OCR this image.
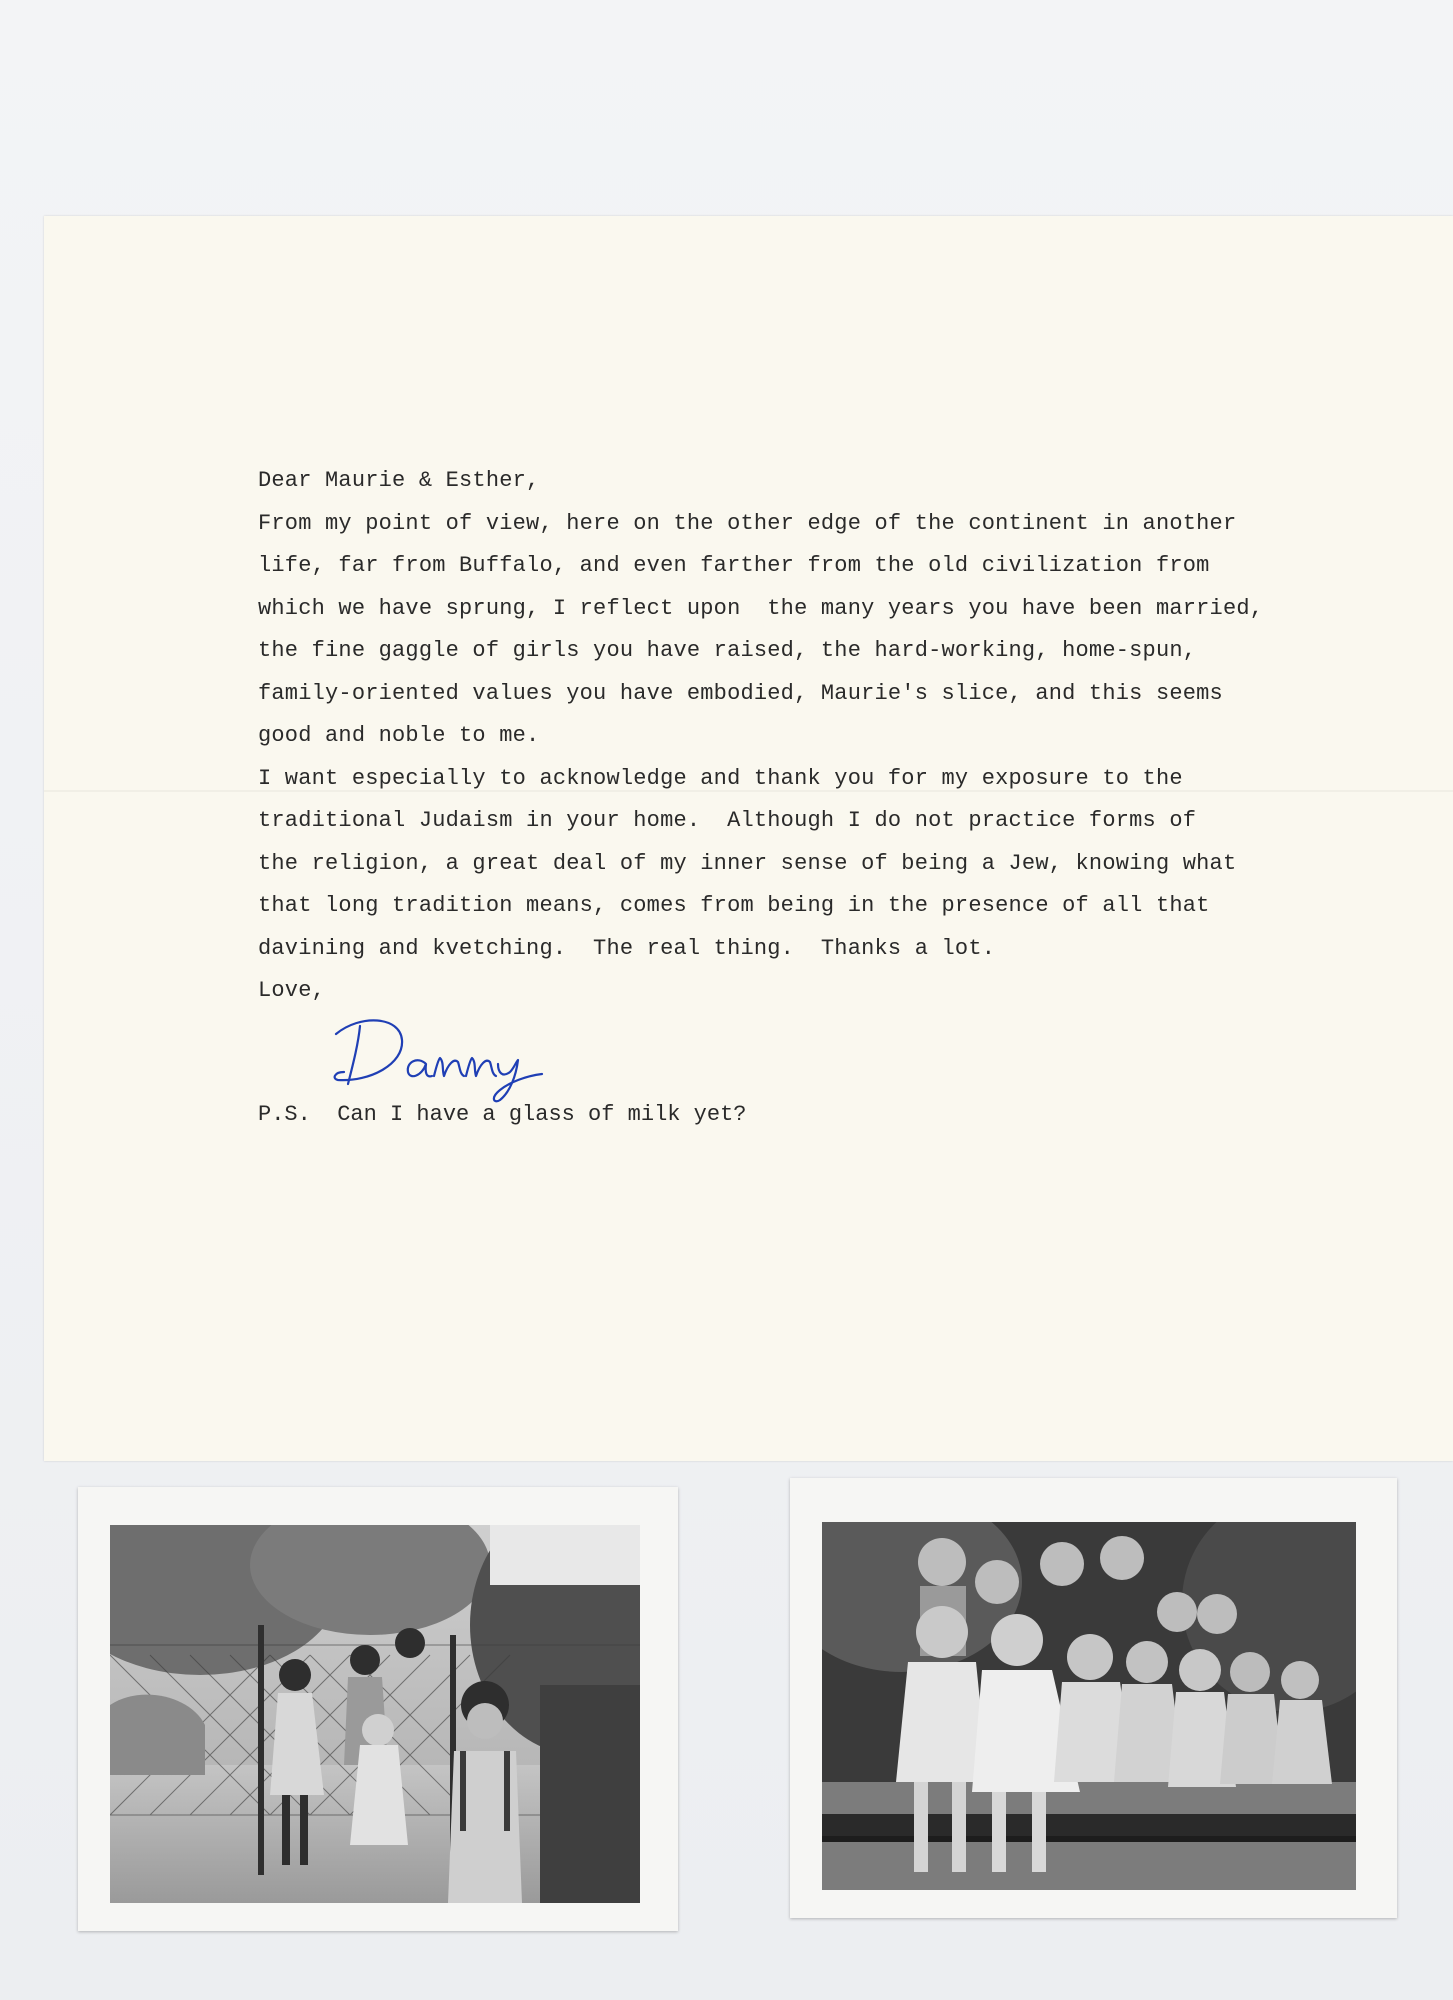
Dear Maurie & Esther,
From my point of view, here on the other edge of the continent in another
life, far from Buffalo, and even farther from the old civilization from
which we have sprung, I reflect upon  the many years you have been married,
the fine gaggle of girls you have raised, the hard-working, home-spun,
family-oriented values you have embodied, Maurie's slice, and this seems
good and noble to me.
I want especially to acknowledge and thank you for my exposure to the
traditional Judaism in your home.  Although I do not practice forms of
the religion, a great deal of my inner sense of being a Jew, knowing what
that long tradition means, comes from being in the presence of all that
davining and kvetching.  The real thing.  Thanks a lot.
Love,
P.S.  Can I have a glass of milk yet?
